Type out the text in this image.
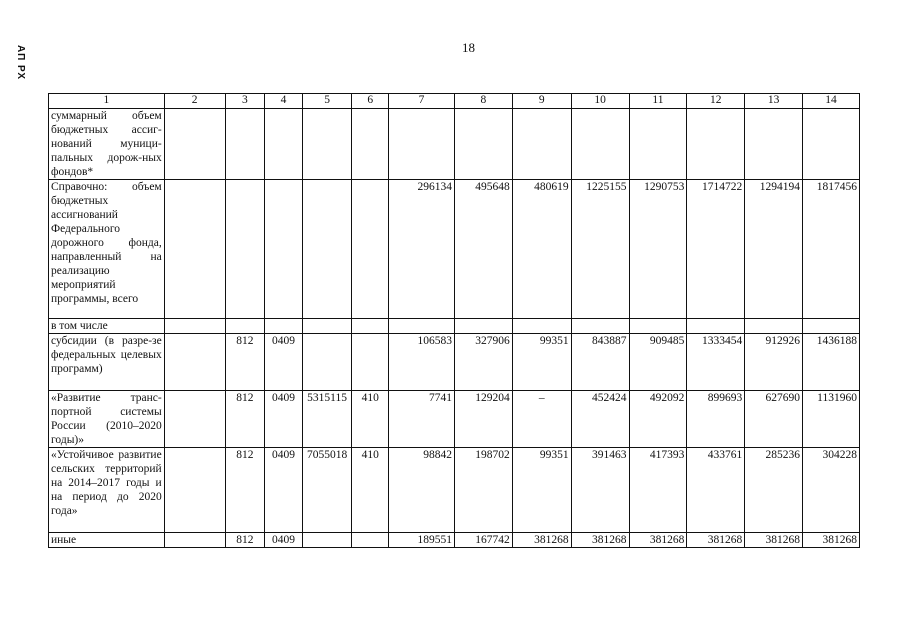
АП РХ	18
1	2	3	4	5	6	7	8	9	10	11	12	13	14
суммарный объем бюджетных ассиг-нований муници-пальных дорож-ных фондов*													
Справочно: объем бюджетных ассигнований Федерального дорожного фонда, направленный на реализацию мероприятий программы, всего						296134	495648	480619	1225155	1290753	1714722	1294194	1817456
в том числе													
субсидии (в разре-зе федеральных целевых программ)		812	0409			106583	327906	99351	843887	909485	1333454	912926	1436188
«Развитие транс-портной системы России (2010–2020 годы)»		812	0409	5315115	410	7741	129204	–	452424	492092	899693	627690	1131960
«Устойчивое развитие сельских территорий на 2014–2017 годы и на период до 2020 года»		812	0409	7055018	410	98842	198702	99351	391463	417393	433761	285236	304228
иные		812	0409			189551	167742	381268	381268	381268	381268	381268	381268
